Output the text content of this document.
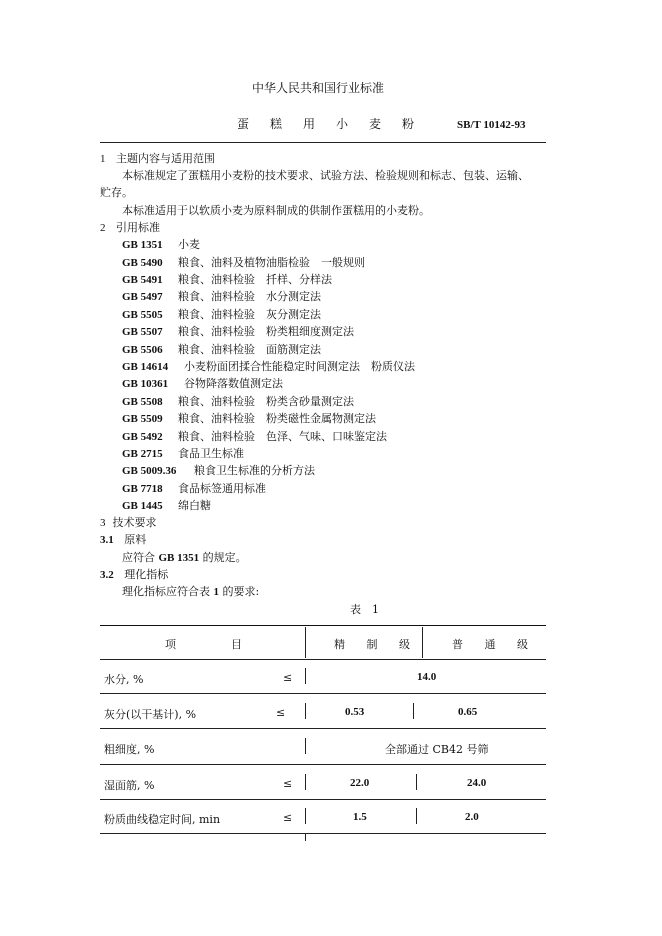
中华人民共和国行业标准
蛋糕用小麦粉 SB/T 10142-93
1 主题内容与适用范围
本标准规定了蛋糕用小麦粉的技术要求、试验方法、检验规则和标志、包装、运输、
贮存。
本标准适用于以软质小麦为原料制成的供制作蛋糕用的小麦粉。
2 引用标准
GB 1351 小麦
GB 5490 粮食、油料及植物油脂检验　一般规则
GB 5491 粮食、油料检验　扦样、分样法
GB 5497 粮食、油料检验　水分测定法
GB 5505 粮食、油料检验　灰分测定法
GB 5507 粮食、油料检验　粉类粗细度测定法
GB 5506 粮食、油料检验　面筋测定法
GB 14614 小麦粉面团揉合性能稳定时间测定法　粉质仪法
GB 10361 谷物降落数值测定法
GB 5508 粮食、油料检验　粉类含砂量测定法
GB 5509 粮食、油料检验　粉类磁性金属物测定法
GB 5492 粮食、油料检验　色泽、气味、口味鉴定法
GB 2715 食品卫生标准
GB 5009.36 粮食卫生标准的分析方法
GB 7718 食品标签通用标准
GB 1445 绵白糖
3 技术要求
3.1 原料
应符合 GB 1351 的规定。
3.2 理化指标
理化指标应符合表 1 的要求:
表　1
项　　　　　目	精 制 级	普 通 级
水分, %	≤	14.0
灰分(以干基计), %	≤	0.53	0.65
粗细度, %	全部通过 CB42 号筛
湿面筋, %	≤	22.0	24.0
粉质曲线稳定时间, min	≤	1.5	2.0
